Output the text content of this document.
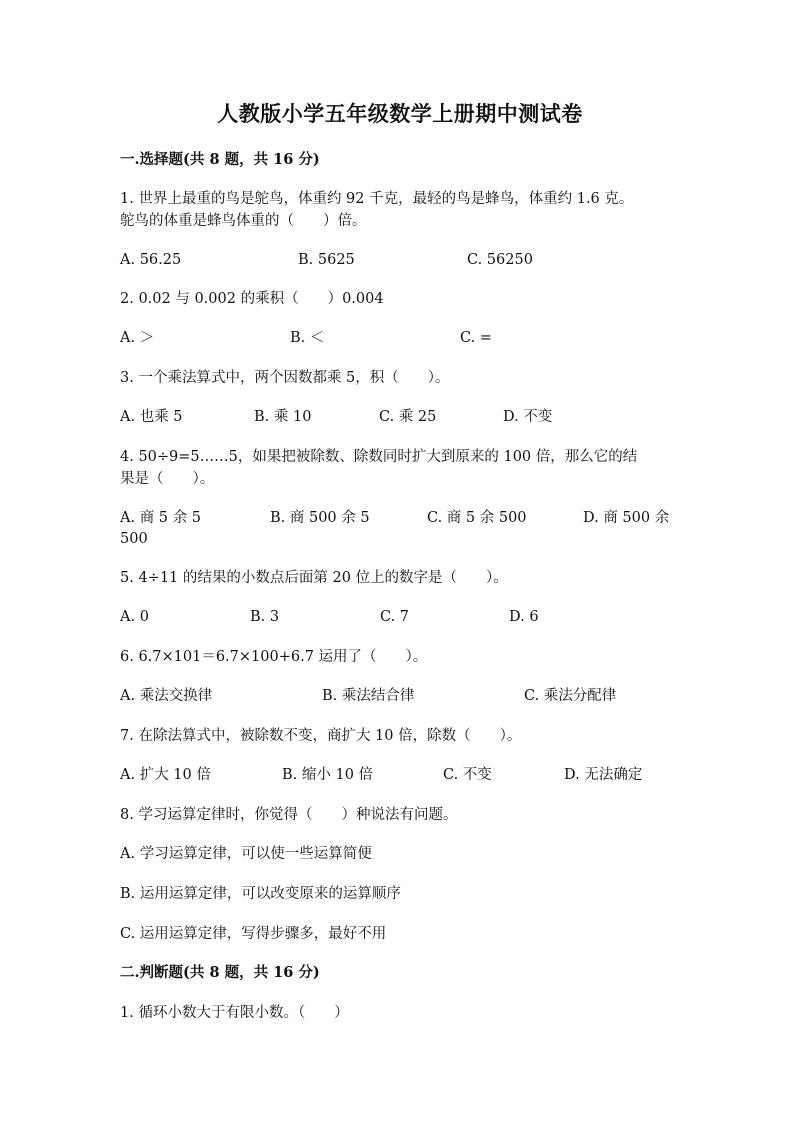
人教版小学五年级数学上册期中测试卷
一.选择题(共 8 题，共 16 分)
1. 世界上最重的鸟是鸵鸟，体重约 92 千克，最轻的鸟是蜂鸟，体重约 1.6 克。
鸵鸟的体重是蜂鸟体重的（　　）倍。
A. 56.25	B. 5625	C. 56250
2. 0.02 与 0.002 的乘积（　　）0.004
A. ＞	B. ＜	C. =
3. 一个乘法算式中，两个因数都乘 5，积（　　）。
A. 也乘 5	B. 乘 10	C. 乘 25	D. 不变
4. 50÷9=5……5，如果把被除数、除数同时扩大到原来的 100 倍，那么它的结
果是（　　）。
A. 商 5 余 5	B. 商 500 余 5	C. 商 5 余 500	D. 商 500 余
500
5. 4÷11 的结果的小数点后面第 20 位上的数字是（　　）。
A. 0	B. 3	C. 7	D. 6
6. 6.7×101＝6.7×100+6.7 运用了（　　）。
A. 乘法交换律	B. 乘法结合律	C. 乘法分配律
7. 在除法算式中，被除数不变，商扩大 10 倍，除数（　　）。
A. 扩大 10 倍	B. 缩小 10 倍	C. 不变	D. 无法确定
8. 学习运算定律时，你觉得（　　）种说法有问题。
A. 学习运算定律，可以使一些运算简便
B. 运用运算定律，可以改变原来的运算顺序
C. 运用运算定律，写得步骤多，最好不用
二.判断题(共 8 题，共 16 分)
1. 循环小数大于有限小数。（　　）
